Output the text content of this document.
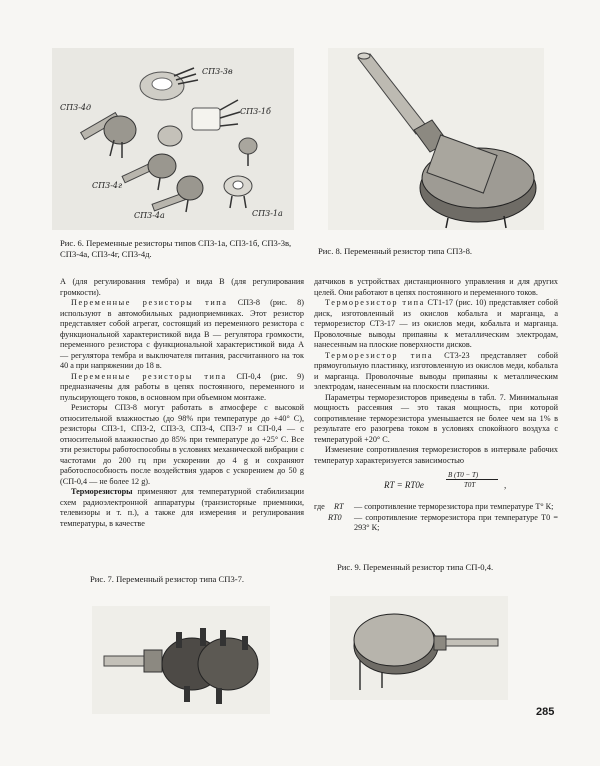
СП3-3в
СП3-4д	СП3-1б
СП3-4г
СП3-1а
СП3-4а
Рис. 6. Переменные резисторы типов СП3-1а, СП3-1б, СП3-3в, СП3-4а, СП3-4г, СП3-4д.	Рис. 8. Переменный резистор типа СП3-8.

А (для регулирования тембра) и вида В (для регулирования громкости).

Переменные резисторы типа СП3-8 (рис. 8) используют в автомобильных радиоприемниках. Этот резистор представляет собой агрегат, состоящий из переменного резистора с функциональной характеристикой вида В — регулятора громкости, переменного резистора с функциональной характеристикой вида А — регулятора тембра и выключателя питания, рассчитанного на ток 40 а при напряжении до 18 в.

Переменные резисторы типа СП-0,4 (рис. 9) предназначены для работы в цепях постоянного, переменного и пульсирующего токов, в основном при объемном монтаже.

Резисторы СП3-8 могут работать в атмосфере с высокой относительной влажностью (до 98% при температуре до +40° С), резисторы СП3-1, СП3-2, СП3-3, СП3-4, СП3-7 и СП-0,4 — с относительной влажностью до 85% при температуре до +25° С. Все эти резисторы работоспособны в условиях механической вибрации с частотами до 200 гц при ускорении до 4 g и сохраняют работоспособность после воздействия ударов с ускорением до 50 g (СП-0,4 — не более 12 g).

Терморезисторы применяют для температурной стабилизации схем радиоэлектронной аппаратуры (транзисторные приемники, телевизоры и т. п.), а также для измерения и регулирования температуры, в качестве

датчиков в устройствах дистанционного управления и для других целей. Они работают в цепях постоянного и переменного токов.

Терморезистор типа СТ1-17 (рис. 10) представляет собой диск, изготовленный из окислов кобальта и марганца, а терморезистор СТ3-17 — из окислов меди, кобальта и марганца. Проволочные выводы припаяны к металлическим электродам, нанесенным на плоские поверхности дисков.

Терморезистор типа СТ3-23 представляет собой прямоугольную пластинку, изготовленную из окислов меди, кобальта и марганца. Проволочные выводы припаяны к металлическим электродам, нанесенным на плоскости пластинки.

Параметры терморезисторов приведены в табл. 7. Минимальная мощность рассеяния — это такая мощность, при которой сопротивление терморезистора уменьшается не более чем на 1% в результате его разогрева током в условиях спокойного воздуха с температурой +20° С.

Изменение сопротивления терморезисторов в интервале рабочих температур характеризуется зависимостью

RT = RT0e
B (T0 − T)
T0T	,
где RT — сопротивление терморезистора при температуре T° К;
RT0 — сопротивление терморезистора при температуре T0 = 293° К;
Рис. 7. Переменный резистор типа СП3-7.
Рис. 9. Переменный резистор типа СП-0,4.
285
